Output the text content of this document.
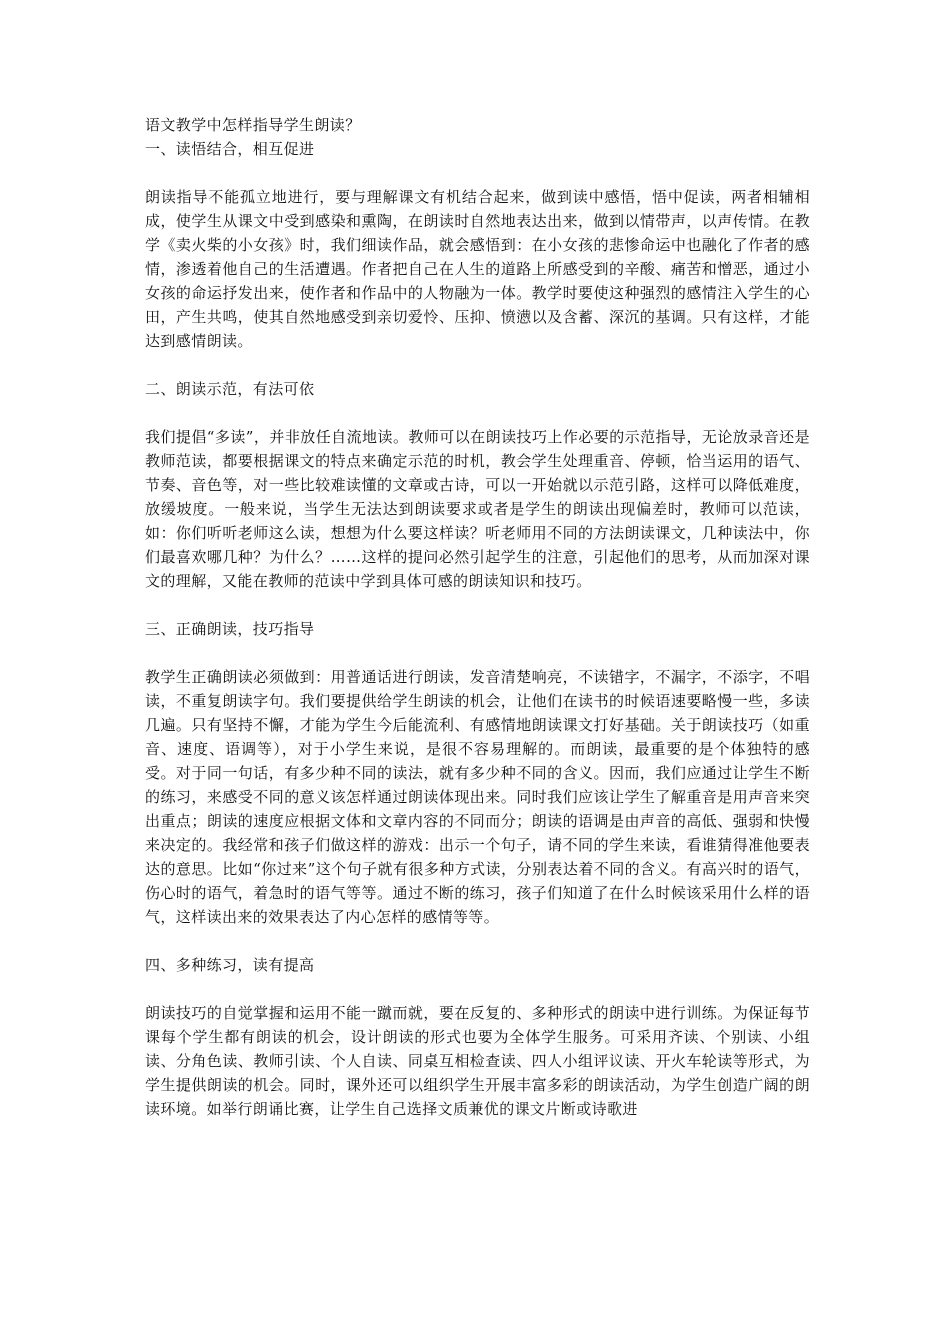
语文教学中怎样指导学生朗读？

一、读悟结合，相互促进

朗读指导不能孤立地进行，要与理解课文有机结合起来，做到读中感悟，悟中促读，两者相辅相成，使学生从课文中受到感染和熏陶，在朗读时自然地表达出来，做到以情带声，以声传情。在教学《卖火柴的小女孩》时，我们细读作品，就会感悟到：在小女孩的悲惨命运中也融化了作者的感情，渗透着他自己的生活遭遇。作者把自己在人生的道路上所感受到的辛酸、痛苦和憎恶，通过小女孩的命运抒发出来，使作者和作品中的人物融为一体。教学时要使这种强烈的感情注入学生的心田，产生共鸣，使其自然地感受到亲切爱怜、压抑、愤懑以及含蓄、深沉的基调。只有这样，才能达到感情朗读。

二、朗读示范，有法可依

我们提倡“多读”，并非放任自流地读。教师可以在朗读技巧上作必要的示范指导，无论放录音还是教师范读，都要根据课文的特点来确定示范的时机，教会学生处理重音、停顿，恰当运用的语气、节奏、音色等，对一些比较难读懂的文章或古诗，可以一开始就以示范引路，这样可以降低难度，放缓坡度。一般来说，当学生无法达到朗读要求或者是学生的朗读出现偏差时，教师可以范读，如：你们听听老师这么读，想想为什么要这样读？听老师用不同的方法朗读课文，几种读法中，你们最喜欢哪几种？为什么？……这样的提问必然引起学生的注意，引起他们的思考，从而加深对课文的理解，又能在教师的范读中学到具体可感的朗读知识和技巧。

三、正确朗读，技巧指导

教学生正确朗读必须做到：用普通话进行朗读，发音清楚响亮，不读错字，不漏字，不添字，不唱读，不重复朗读字句。我们要提供给学生朗读的机会，让他们在读书的时候语速要略慢一些，多读几遍。只有坚持不懈，才能为学生今后能流利、有感情地朗读课文打好基础。关于朗读技巧（如重音、速度、语调等），对于小学生来说，是很不容易理解的。而朗读，最重要的是个体独特的感受。对于同一句话，有多少种不同的读法，就有多少种不同的含义。因而，我们应通过让学生不断的练习，来感受不同的意义该怎样通过朗读体现出来。同时我们应该让学生了解重音是用声音来突出重点；朗读的速度应根据文体和文章内容的不同而分；朗读的语调是由声音的高低、强弱和快慢来决定的。我经常和孩子们做这样的游戏：出示一个句子，请不同的学生来读，看谁猜得准他要表达的意思。比如“你过来”这个句子就有很多种方式读，分别表达着不同的含义。有高兴时的语气，伤心时的语气，着急时的语气等等。通过不断的练习，孩子们知道了在什么时候该采用什么样的语气，这样读出来的效果表达了内心怎样的感情等等。

四、多种练习，读有提高

朗读技巧的自觉掌握和运用不能一蹴而就，要在反复的、多种形式的朗读中进行训练。为保证每节课每个学生都有朗读的机会，设计朗读的形式也要为全体学生服务。可采用齐读、个别读、小组读、分角色读、教师引读、个人自读、同桌互相检查读、四人小组评议读、开火车轮读等形式，为学生提供朗读的机会。同时，课外还可以组织学生开展丰富多彩的朗读活动，为学生创造广阔的朗读环境。如举行朗诵比赛，让学生自己选择文质兼优的课文片断或诗歌进
